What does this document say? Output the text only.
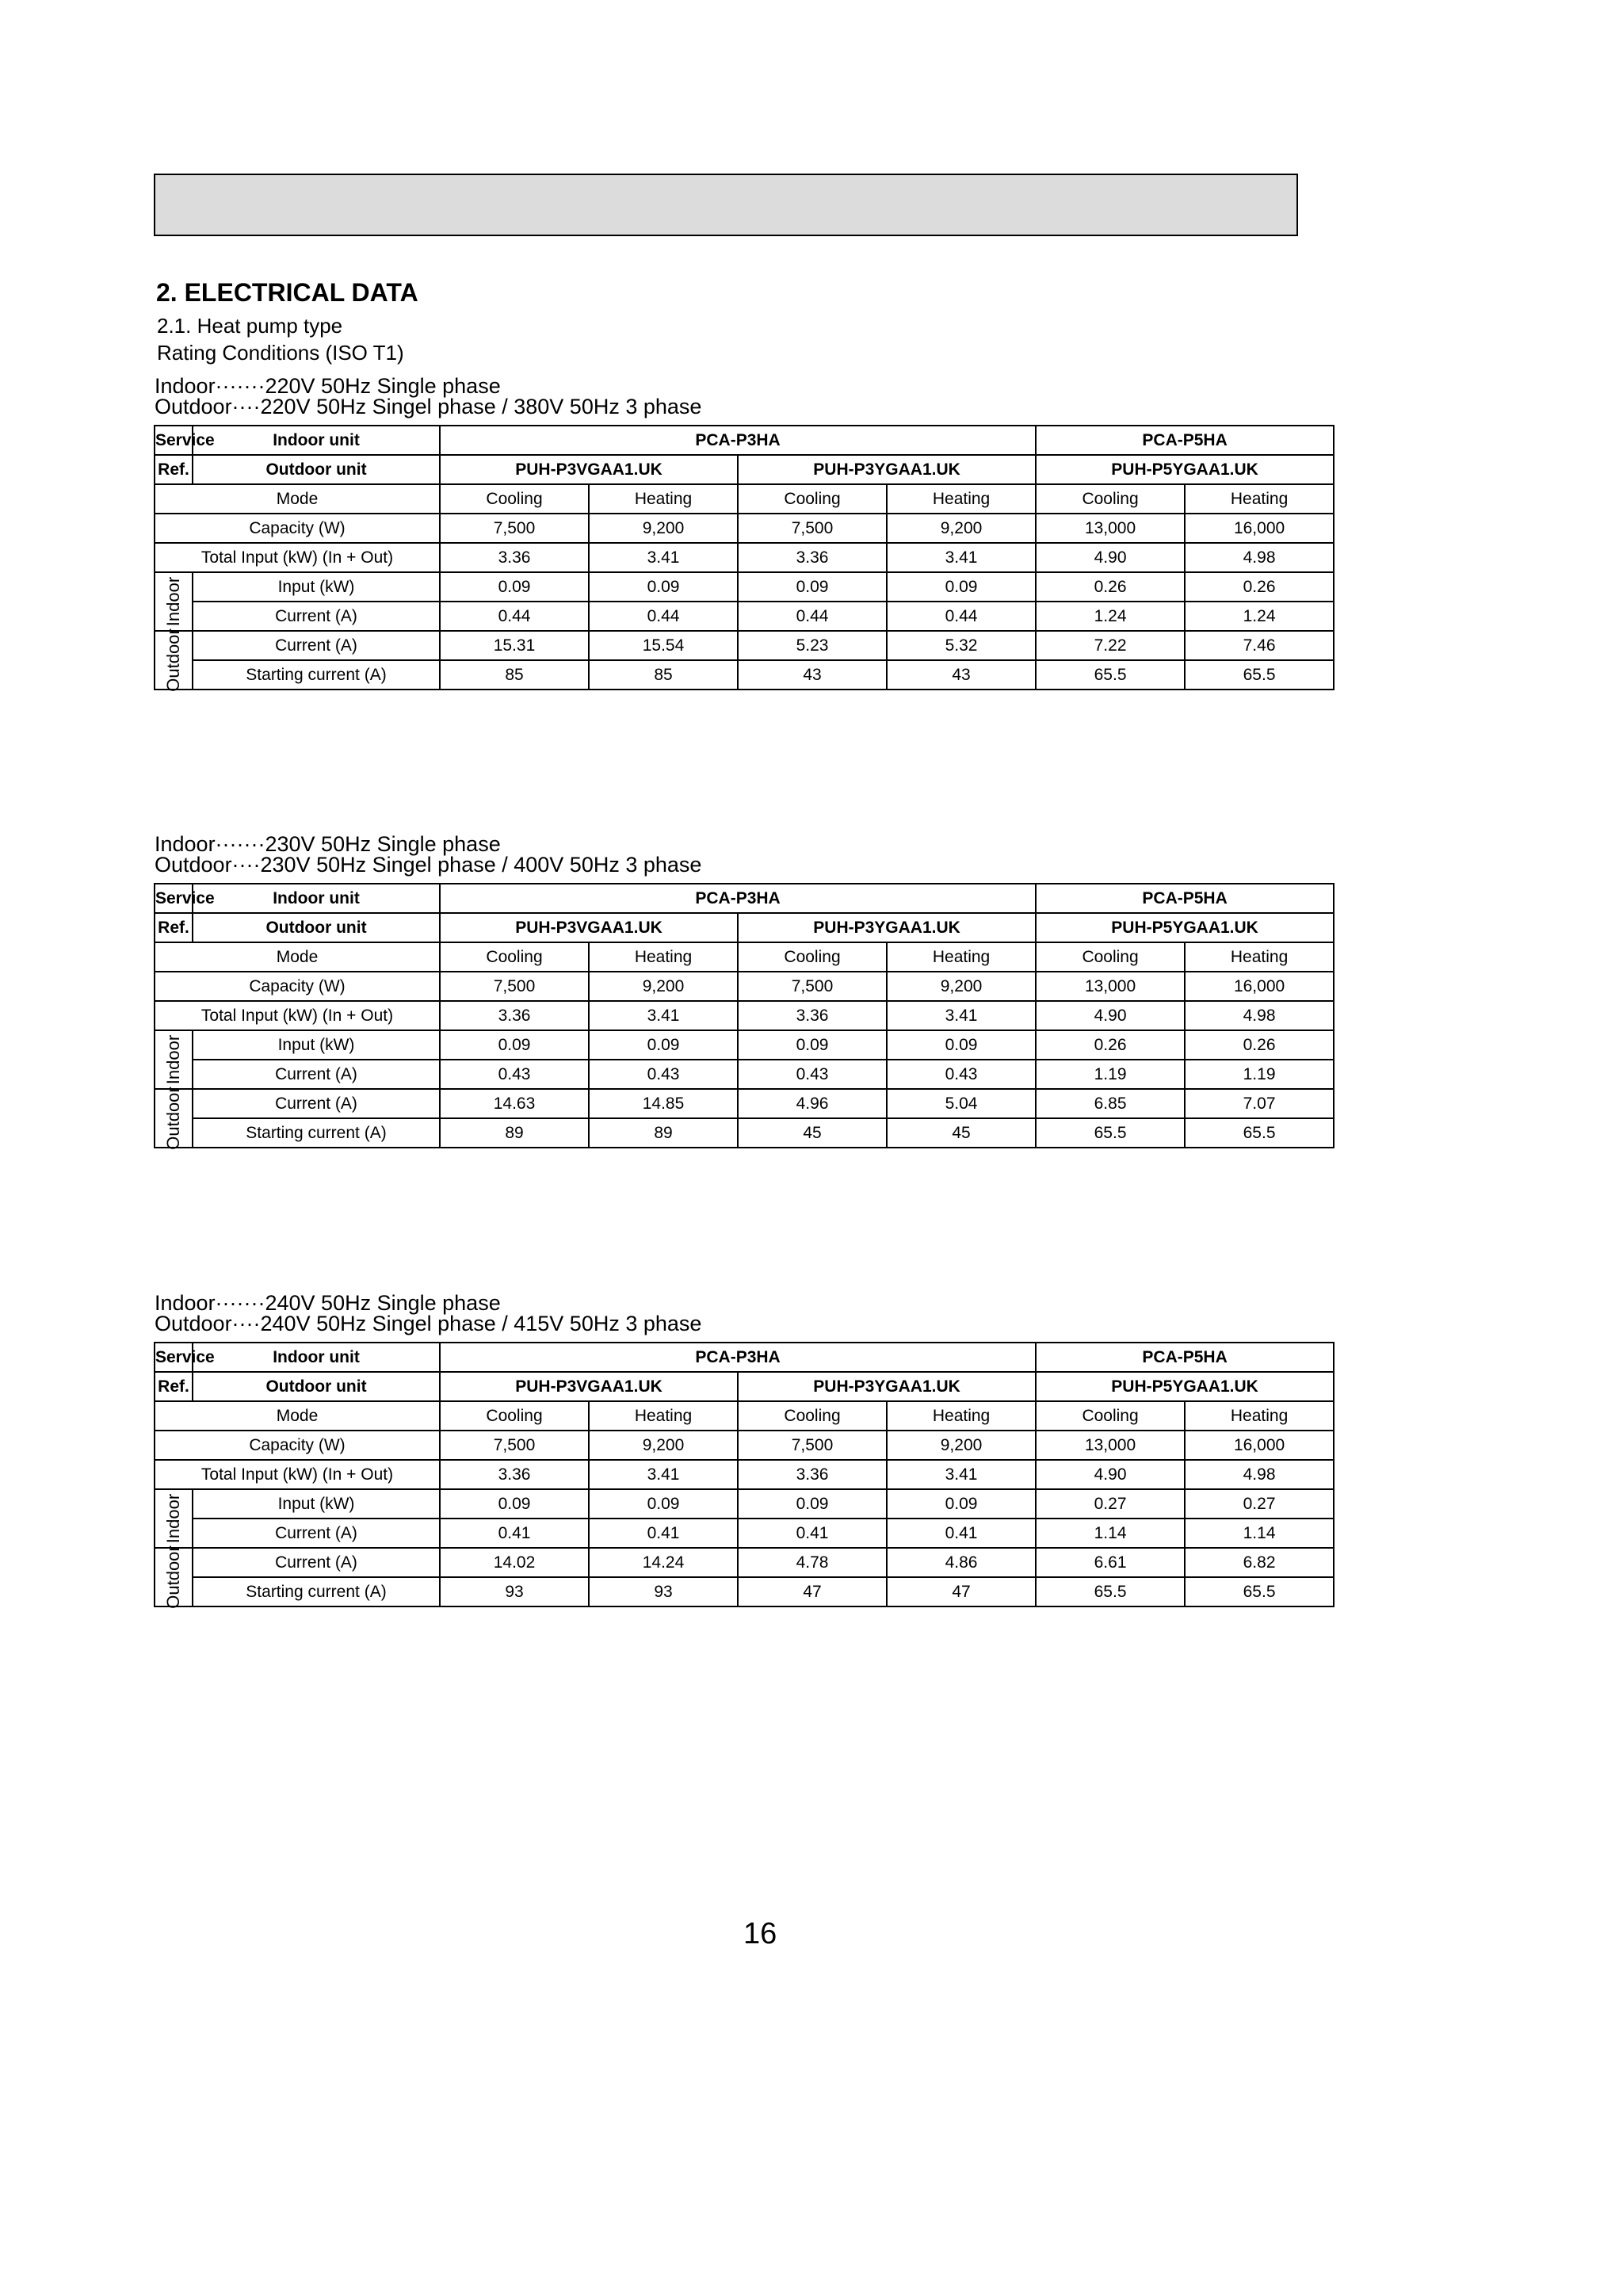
2. ELECTRICAL DATA
2.1. Heat pump type
Rating Conditions (ISO T1)
Indoor·······220V 50Hz Single phase
Outdoor····220V 50Hz Singel phase / 380V 50Hz 3 phase
Service	Indoor unit	PCA-P3HA				PCA-P5HA	
Ref.	Outdoor unit	PUH-P3VGAA1.UK		PUH-P3YGAA1.UK		PUH-P5YGAA1.UK	
Mode		Cooling	Heating	Cooling	Heating	Cooling	Heating
Capacity (W)		7,500	9,200	7,500	9,200	13,000	16,000
Total Input (kW) (In + Out)		3.36	3.41	3.36	3.41	4.90	4.98

Indoor	Input (kW)	0.09	0.09	0.09	0.09	0.26	0.26
	Current (A)	0.44	0.44	0.44	0.44	1.24	1.24

Outdoor	Current (A)	15.31	15.54	5.23	5.32	7.22	7.46
	Starting current (A)	85	85	43	43	65.5	65.5
Indoor·······230V 50Hz Single phase
Outdoor····230V 50Hz Singel phase / 400V 50Hz 3 phase
Service	Indoor unit	PCA-P3HA				PCA-P5HA	
Ref.	Outdoor unit	PUH-P3VGAA1.UK		PUH-P3YGAA1.UK		PUH-P5YGAA1.UK	
Mode		Cooling	Heating	Cooling	Heating	Cooling	Heating
Capacity (W)		7,500	9,200	7,500	9,200	13,000	16,000
Total Input (kW) (In + Out)		3.36	3.41	3.36	3.41	4.90	4.98

Indoor	Input (kW)	0.09	0.09	0.09	0.09	0.26	0.26
	Current (A)	0.43	0.43	0.43	0.43	1.19	1.19

Outdoor	Current (A)	14.63	14.85	4.96	5.04	6.85	7.07
	Starting current (A)	89	89	45	45	65.5	65.5
Indoor·······240V 50Hz Single phase
Outdoor····240V 50Hz Singel phase / 415V 50Hz 3 phase
Service	Indoor unit	PCA-P3HA				PCA-P5HA	
Ref.	Outdoor unit	PUH-P3VGAA1.UK		PUH-P3YGAA1.UK		PUH-P5YGAA1.UK	
Mode		Cooling	Heating	Cooling	Heating	Cooling	Heating
Capacity (W)		7,500	9,200	7,500	9,200	13,000	16,000
Total Input (kW) (In + Out)		3.36	3.41	3.36	3.41	4.90	4.98

Indoor	Input (kW)	0.09	0.09	0.09	0.09	0.27	0.27
	Current (A)	0.41	0.41	0.41	0.41	1.14	1.14

Outdoor	Current (A)	14.02	14.24	4.78	4.86	6.61	6.82
	Starting current (A)	93	93	47	47	65.5	65.5
16
